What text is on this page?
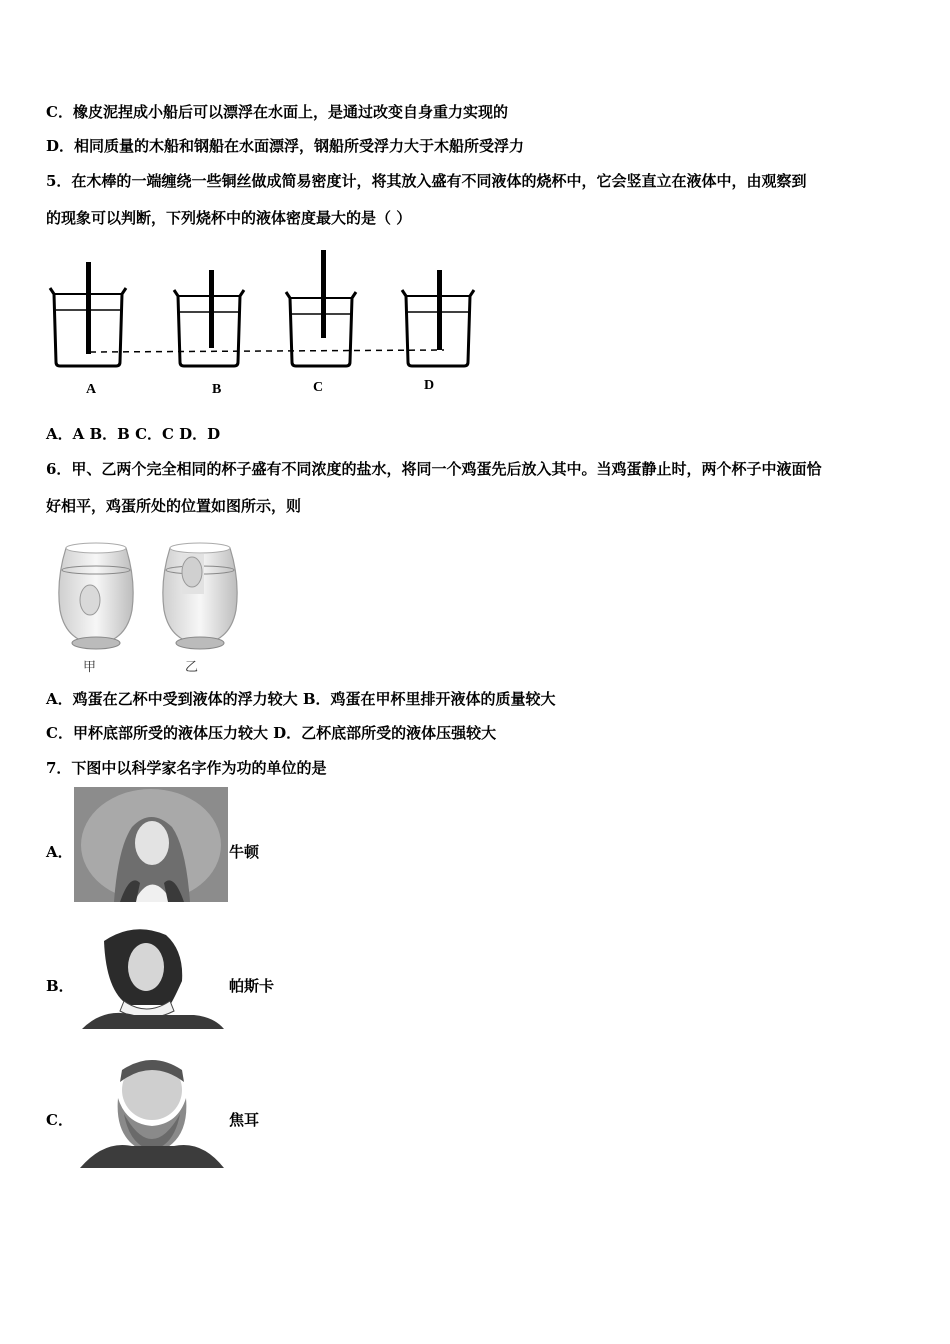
C．橡皮泥捏成小船后可以漂浮在水面上，是通过改变自身重力实现的
D．相同质量的木船和钢船在水面漂浮，钢船所受浮力大于木船所受浮力
5．在木棒的一端缠绕一些铜丝做成简易密度计，将其放入盛有不同液体的烧杯中，它会竖直立在液体中，由观察到
的现象可以判断，下列烧杯中的液体密度最大的是（ ）
A	B	C	D
A．A B．B C．C D．D
6．甲、乙两个完全相同的杯子盛有不同浓度的盐水，将同一个鸡蛋先后放入其中。当鸡蛋静止时，两个杯子中液面恰
好相平，鸡蛋所处的位置如图所示，则
甲	乙
A．鸡蛋在乙杯中受到液体的浮力较大 B．鸡蛋在甲杯里排开液体的质量较大
C．甲杯底部所受的液体压力较大 D．乙杯底部所受的液体压强较大
7．下图中以科学家名字作为功的单位的是
A．	牛顿
B．	帕斯卡
C．	焦耳
